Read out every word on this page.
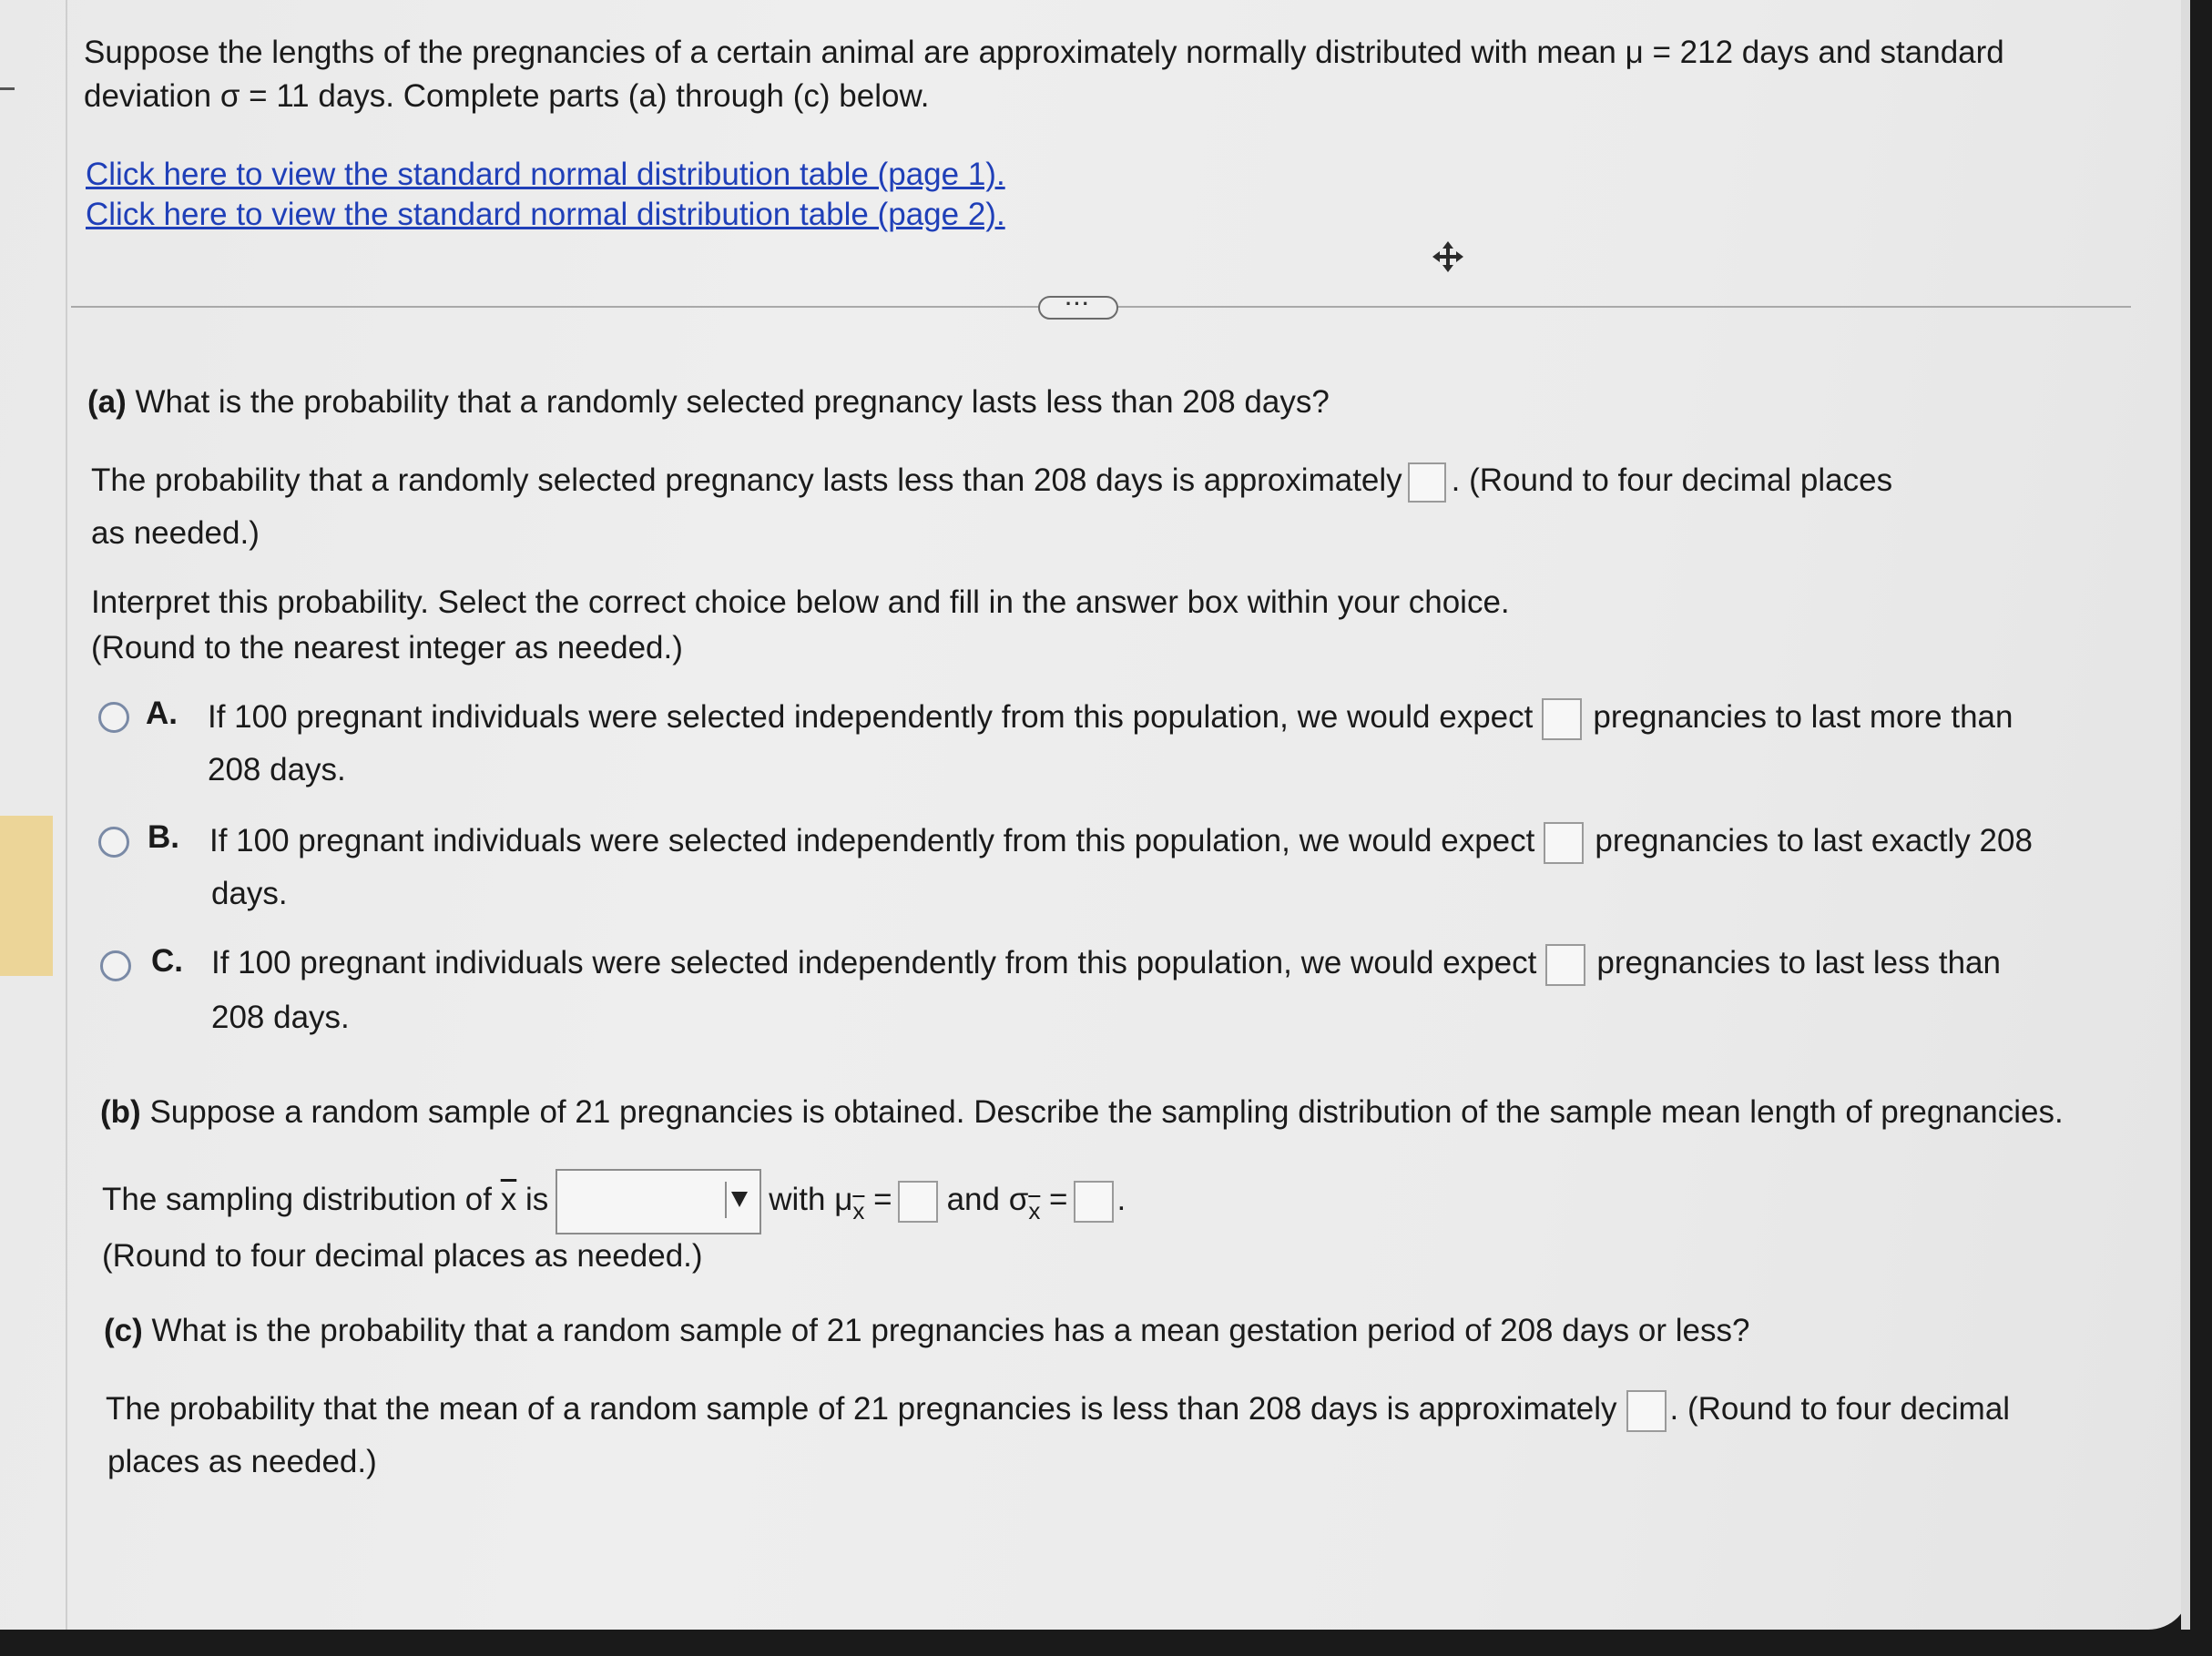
Suppose the lengths of the pregnancies of a certain animal are approximately normally distributed with mean μ = 212 days and standard
deviation σ = 11 days. Complete parts (a) through (c) below.
Click here to view the standard normal distribution table (page 1).
Click here to view the standard normal distribution table (page 2).
···
(a) What is the probability that a randomly selected pregnancy lasts less than 208 days?
The probability that a randomly selected pregnancy lasts less than 208 days is approximately . (Round to four decimal places
as needed.)
Interpret this probability. Select the correct choice below and fill in the answer box within your choice.
(Round to the nearest integer as needed.)
A. If 100 pregnant individuals were selected independently from this population, we would expect pregnancies to last more than
208 days.
B. If 100 pregnant individuals were selected independently from this population, we would expect pregnancies to last exactly 208
days.
C. If 100 pregnant individuals were selected independently from this population, we would expect pregnancies to last less than
208 days.
(b) Suppose a random sample of 21 pregnancies is obtained. Describe the sampling distribution of the sample mean length of pregnancies.
The sampling distribution of $\overline{x}$ is	with $\mu_{\overline{x}}$ = and $\sigma_{\overline{x}}$ = .
(Round to four decimal places as needed.)
(c) What is the probability that a random sample of 21 pregnancies has a mean gestation period of 208 days or less?
The probability that the mean of a random sample of 21 pregnancies is less than 208 days is approximately . (Round to four decimal
places as needed.)
